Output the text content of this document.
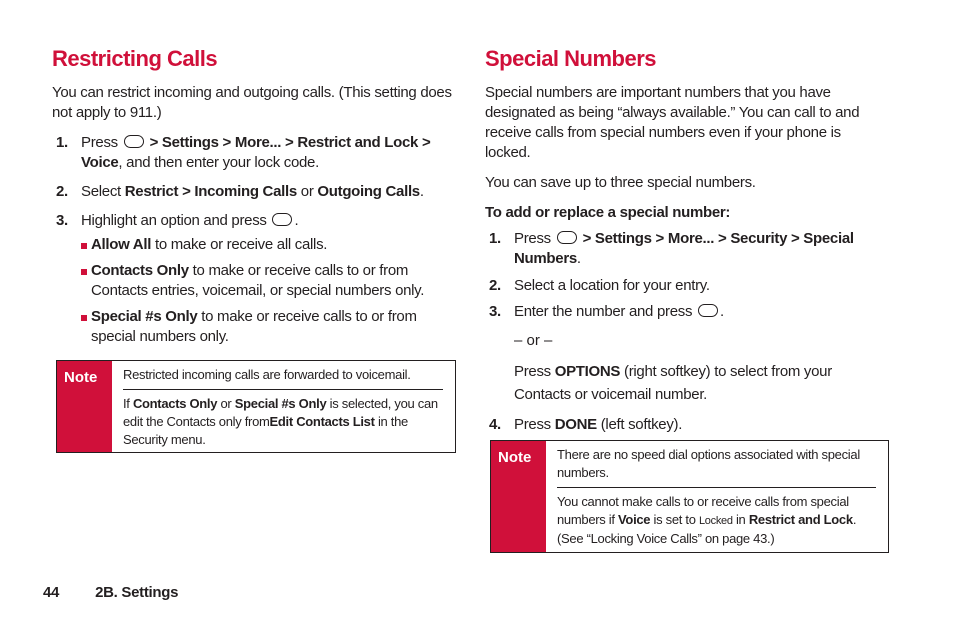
Restricting Calls
You can restrict incoming and outgoing calls. (This setting does not apply to 911.)
1. Press > Settings > More... > Restrict and Lock > Voice, and then enter your lock code.
2. Select Restrict > Incoming Calls or Outgoing Calls.
3. Highlight an option and press .
Allow All to make or receive all calls.
Contacts Only to make or receive calls to or from Contacts entries, voicemail, or special numbers only.
Special #s Only to make or receive calls to or from special numbers only.
Note	Restricted incoming calls are forwarded to voicemail.
If Contacts Only or Special #s Only is selected, you can edit the Contacts only fromEdit Contacts List in the Security menu.
Special Numbers
Special numbers are important numbers that you have designated as being “always available.” You can call to and receive calls from special numbers even if your phone is locked.
You can save up to three special numbers.
To add or replace a special number:
1. Press > Settings > More... > Security > Special Numbers.
2. Select a location for your entry.
3. Enter the number and press .
– or –
Press OPTIONS (right softkey) to select from your Contacts or voicemail number.
4. Press DONE (left softkey).
Note	There are no speed dial options associated with special numbers.
You cannot make calls to or receive calls from special numbers if Voice is set to Locked in Restrict and Lock. (See “Locking Voice Calls” on page 43.)
44 2B. Settings
